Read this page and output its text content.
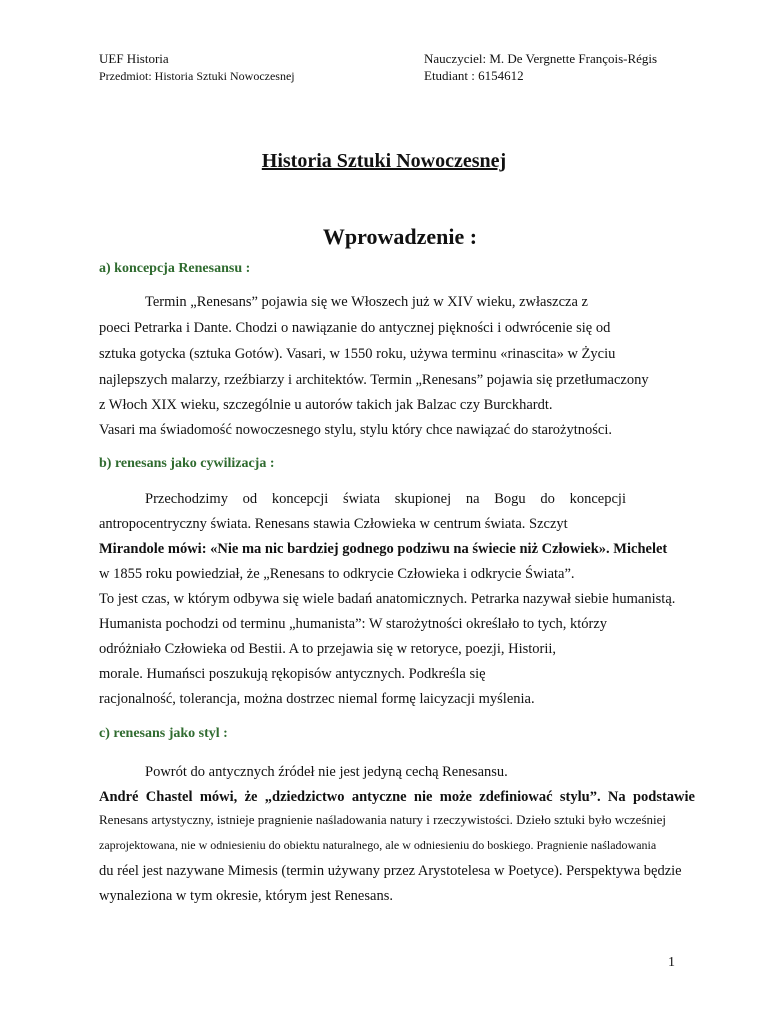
UEF Historia
Przedmiot: Historia Sztuki Nowoczesnej
Nauczyciel: M. De Vergnette François-Régis
Etudiant : 6154612
Historia Sztuki Nowoczesnej
Wprowadzenie :
a) koncepcja Renesansu :
Termin „Renesans” pojawia się we Włoszech już w XIV wieku, zwłaszcza z
poeci Petrarka i Dante. Chodzi o nawiązanie do antycznej piękności i odwrócenie się od
sztuka gotycka (sztuka Gotów). Vasari, w 1550 roku, używa terminu «rinascita» w Życiu
najlepszych malarzy, rzeźbiarzy i architektów. Termin „Renesans” pojawia się przetłumaczony
z Włoch XIX wieku, szczególnie u autorów takich jak Balzac czy Burckhardt.
Vasari ma świadomość nowoczesnego stylu, stylu który chce nawiązać do starożytności.
b) renesans jako cywilizacja :
Przechodzimy od koncepcji świata skupionej na Bogu do koncepcji
antropocentryczny świata. Renesans stawia Człowieka w centrum świata. Szczyt
Mirandole mówi: «Nie ma nic bardziej godnego podziwu na świecie niż Człowiek». Michelet
w 1855 roku powiedział, że „Renesans to odkrycie Człowieka i odkrycie Świata”.
To jest czas, w którym odbywa się wiele badań anatomicznych. Petrarka nazywał siebie humanistą.
Humanista pochodzi od terminu „humanista”: W starożytności określało to tych, którzy
odróżniało Człowieka od Bestii. A to przejawia się w retoryce, poezji, Historii,
morale. Humańsci poszukują rękopisów antycznych. Podkreśla się
racjonalność, tolerancja, można dostrzec niemal formę laicyzacji myślenia.
c) renesans jako styl :
Powrót do antycznych źródeł nie jest jedyną cechą Renesansu.
André Chastel mówi, że „dziedzictwo antyczne nie może zdefiniować stylu”. Na podstawie
Renesans artystyczny, istnieje pragnienie naśladowania natury i rzeczywistości. Dzieło sztuki było wcześniej
zaprojektowana, nie w odniesieniu do obiektu naturalnego, ale w odniesieniu do boskiego. Pragnienie naśladowania
du réel jest nazywane Mimesis (termin używany przez Arystotelesa w Poetyce). Perspektywa będzie
wynaleziona w tym okresie, którym jest Renesans.
1
